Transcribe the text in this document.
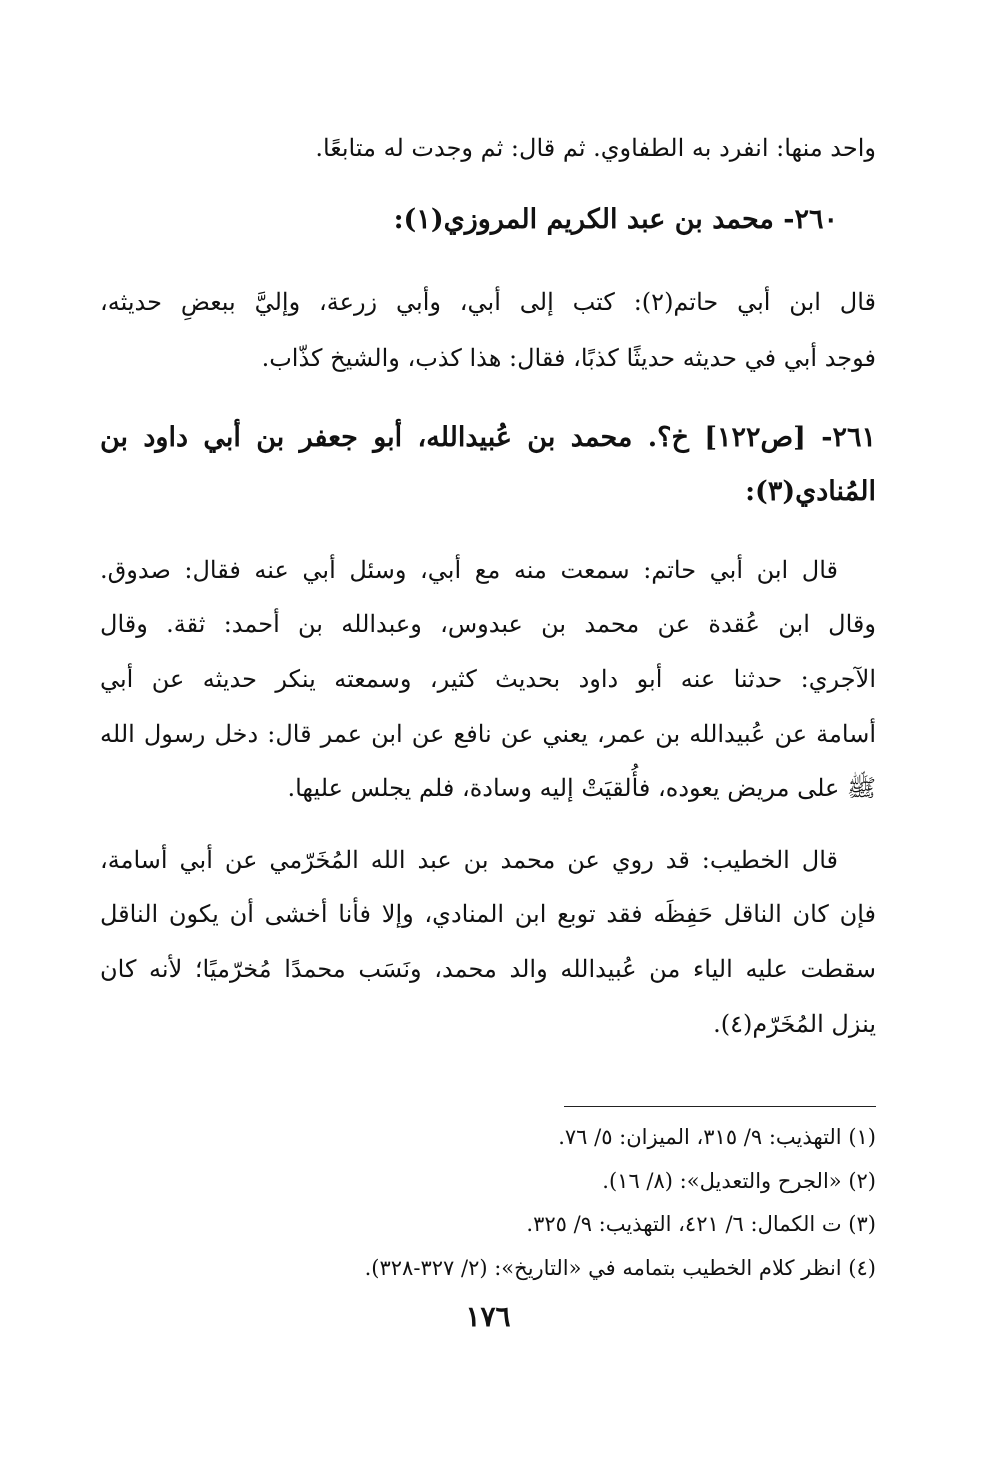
واحد منها: انفرد به الطفاوي. ثم قال: ثم وجدت له متابعًا.
٢٦٠- محمد بن عبد الكريم المروزي(١):
قال ابن أبي حاتم(٢): كتب إلى أبي، وأبي زرعة، وإليَّ ببعضِ حديثه،
فوجد أبي في حديثه حديثًا كذبًا، فقال: هذا كذب، والشيخ كذّاب.
٢٦١- [ص١٢٢] خ؟. محمد بن عُبيدالله، أبو جعفر بن أبي داود بن
المُنادي(٣):
قال ابن أبي حاتم: سمعت منه مع أبي، وسئل أبي عنه فقال: صدوق.
وقال ابن عُقدة عن محمد بن عبدوس، وعبدالله بن أحمد: ثقة. وقال
الآجري: حدثنا عنه أبو داود بحديث كثير، وسمعته ينكر حديثه عن أبي
أسامة عن عُبيدالله بن عمر، يعني عن نافع عن ابن عمر قال: دخل رسول الله
ﷺ على مريض يعوده، فأُلقيَتْ إليه وسادة، فلم يجلس عليها.
قال الخطيب: قد روي عن محمد بن عبد الله المُخَرّمي عن أبي أسامة،
فإن كان الناقل حَفِظَه فقد توبع ابن المنادي، وإلا فأنا أخشى أن يكون الناقل
سقطت عليه الياء من عُبيدالله والد محمد، ونَسَب محمدًا مُخرّميًا؛ لأنه كان
ينزل المُخَرّم(٤).
(١) التهذيب: ٩/ ٣١٥، الميزان: ٥/ ٧٦.
(٢) «الجرح والتعديل»: (٨/ ١٦).
(٣) ت الكمال: ٦/ ٤٢١، التهذيب: ٩/ ٣٢٥.
(٤) انظر كلام الخطيب بتمامه في «التاريخ»: (٢/ ٣٢٧-٣٢٨).
١٧٦
